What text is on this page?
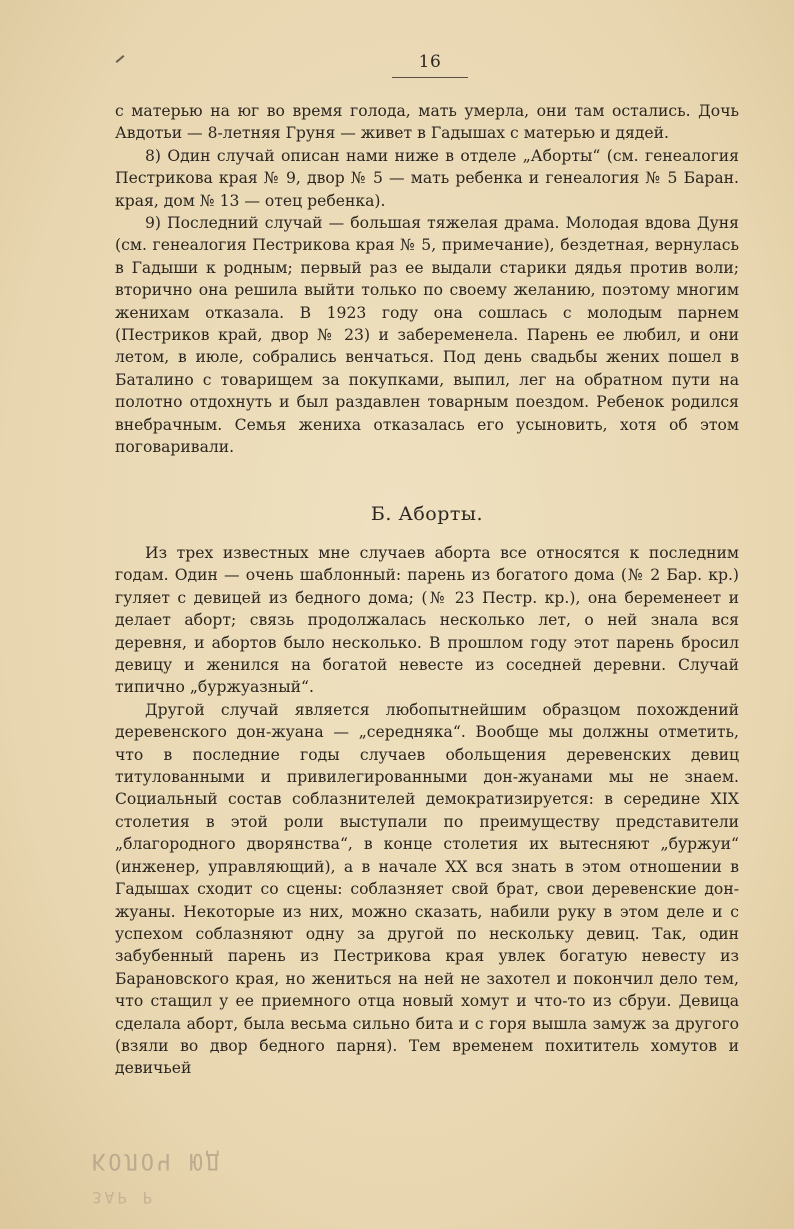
16

с матерью на юг во время голода, мать умерла, они там остались. Дочь Авдотьи — 8-летняя Груня — живет в Гадышах с матерью и дядей.

8) Один случай описан нами ниже в отделе „Аборты“ (см. генеалогия Пестрикова края № 9, двор № 5 — мать ребенка и генеалогия № 5 Баран. края, дом № 13 — отец ребенка).

9) Последний случай — большая тяжелая драма. Молодая вдова Дуня (см. генеалогия Пестрикова края № 5, примечание), бездетная, вернулась в Гадыши к родным; первый раз ее выдали старики дядья против воли; вторично она решила выйти только по своему желанию, поэтому многим женихам отказала. В 1923 году она сошлась с молодым парнем (Пестриков край, двор № 23) и забеременела. Парень ее любил, и они летом, в июле, собрались венчаться. Под день свадьбы жених пошел в Баталино с товарищем за покупками, выпил, лег на обратном пути на полотно отдохнуть и был раздавлен товарным поездом. Ребенок родился внебрачным. Семья жениха отказалась его усыновить, хотя об этом поговаривали.

Б. Аборты.

Из трех известных мне случаев аборта все относятся к последним годам. Один — очень шаблонный: парень из богатого дома (№ 2 Бар. кр.) гуляет с девицей из бедного дома; (№ 23 Пестр. кр.), она беременеет и делает аборт; связь продолжалась несколько лет, о ней знала вся деревня, и абортов было несколько. В прошлом году этот парень бросил девицу и женился на богатой невесте из соседней деревни. Случай типично „буржуазный“.

Другой случай является любопытнейшим образцом похождений деревенского дон-жуана — „середняка“. Вообще мы должны отметить, что в последние годы случаев обольщения деревенских девиц титулованными и привилегированными дон-жуанами мы не знаем. Социальный состав соблазнителей демократизируется: в середине XIX столетия в этой роли выступали по преимуществу представители „благородного дворянства“, в конце столетия их вытесняют „буржуи“ (инженер, управляющий), а в начале XX вся знать в этом отношении в Гадышах сходит со сцены: соблазняет свой брат, свои деревенские дон-жуаны. Некоторые из них, можно сказать, набили руку в этом деле и с успехом соблазняют одну за другой по нескольку девиц. Так, один забубенный парень из Пестрикова края увлек богатую невесту из Барановского края, но жениться на ней не захотел и покончил дело тем, что стащил у ее приемного отца новый хомут и что-то из сбруи. Девица сделала аборт, была весьма сильно бита и с горя вышла замуж за другого (взяли во двор бедного парня). Тем временем похититель хомутов и девичьей

КОЛОЧ ЮД
ЗАР Р
